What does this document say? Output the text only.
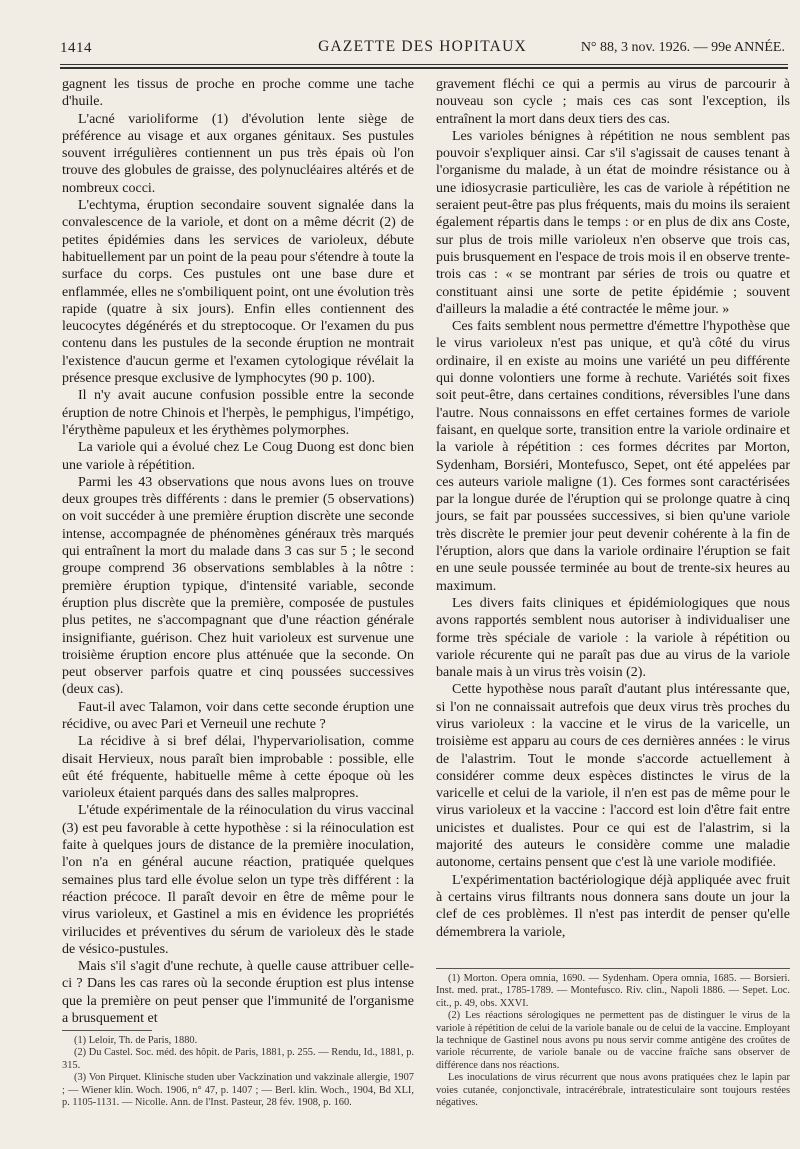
1414	GAZETTE DES HOPITAUX	N° 88, 3 nov. 1926. — 99e ANNÉE.

gagnent les tissus de proche en proche comme une tache d'huile.

L'acné varioliforme (1) d'évolution lente siège de préférence au visage et aux organes génitaux. Ses pustules souvent irrégulières contiennent un pus très épais où l'on trouve des globules de graisse, des polynucléaires altérés et de nombreux cocci.

L'echtyma, éruption secondaire souvent signalée dans la convalescence de la variole, et dont on a même décrit (2) de petites épidémies dans les services de varioleux, débute habituellement par un point de la peau pour s'étendre à toute la surface du corps. Ces pustules ont une base dure et enflammée, elles ne s'ombiliquent point, ont une évolution très rapide (quatre à six jours). Enfin elles contiennent des leucocytes dégénérés et du streptocoque. Or l'examen du pus contenu dans les pustules de la seconde éruption ne montrait l'existence d'aucun germe et l'examen cytologique révélait la présence presque exclusive de lymphocytes (90 p. 100).

Il n'y avait aucune confusion possible entre la seconde éruption de notre Chinois et l'herpès, le pemphigus, l'impétigo, l'érythème papuleux et les érythèmes polymorphes.

La variole qui a évolué chez Le Coug Duong est donc bien une variole à répétition.

Parmi les 43 observations que nous avons lues on trouve deux groupes très différents : dans le premier (5 observations) on voit succéder à une première éruption discrète une seconde intense, accompagnée de phénomènes généraux très marqués qui entraînent la mort du malade dans 3 cas sur 5 ; le second groupe comprend 36 observations semblables à la nôtre : première éruption typique, d'intensité variable, seconde éruption plus discrète que la première, composée de pustules plus petites, ne s'accompagnant que d'une réaction générale insignifiante, guérison. Chez huit varioleux est survenue une troisième éruption encore plus atténuée que la seconde. On peut observer parfois quatre et cinq poussées successives (deux cas).

Faut-il avec Talamon, voir dans cette seconde éruption une récidive, ou avec Pari et Verneuil une rechute ?

La récidive à si bref délai, l'hypervariolisation, comme disait Hervieux, nous paraît bien improbable : possible, elle eût été fréquente, habituelle même à cette époque où les varioleux étaient parqués dans des salles malpropres.

L'étude expérimentale de la réinoculation du virus vaccinal (3) est peu favorable à cette hypothèse : si la réinoculation est faite à quelques jours de distance de la première inoculation, l'on n'a en général aucune réaction, pratiquée quelques semaines plus tard elle évolue selon un type très différent : la réaction précoce. Il paraît devoir en être de même pour le virus varioleux, et Gastinel a mis en évidence les propriétés virilucides et préventives du sérum de varioleux dès le stade de vésico-pustules.

Mais s'il s'agit d'une rechute, à quelle cause attribuer celle-ci ? Dans les cas rares où la seconde éruption est plus intense que la première on peut penser que l'immunité de l'organisme a brusquement et

(1) Leloir, Th. de Paris, 1880.

(2) Du Castel. Soc. méd. des hôpit. de Paris, 1881, p. 255. — Rendu, Id., 1881, p. 315.

(3) Von Pirquet. Klinische studen uber Vackzination und vakzinale allergie, 1907 ; — Wiener klin. Woch. 1906, n° 47, p. 1407 ; — Berl. klin. Woch., 1904, Bd XLI, p. 1105-1131. — Nicolle. Ann. de l'Inst. Pasteur, 28 fév. 1908, p. 160.

gravement fléchi ce qui a permis au virus de parcourir à nouveau son cycle ; mais ces cas sont l'exception, ils entraînent la mort dans deux tiers des cas.

Les varioles bénignes à répétition ne nous semblent pas pouvoir s'expliquer ainsi. Car s'il s'agissait de causes tenant à l'organisme du malade, à un état de moindre résistance ou à une idiosycrasie particulière, les cas de variole à répétition ne seraient peut-être pas plus fréquents, mais du moins ils seraient également répartis dans le temps : or en plus de dix ans Coste, sur plus de trois mille varioleux n'en observe que trois cas, puis brusquement en l'espace de trois mois il en observe trente-trois cas : « se montrant par séries de trois ou quatre et constituant ainsi une sorte de petite épidémie ; souvent d'ailleurs la maladie a été contractée le même jour. »

Ces faits semblent nous permettre d'émettre l'hypothèse que le virus varioleux n'est pas unique, et qu'à côté du virus ordinaire, il en existe au moins une variété un peu différente qui donne volontiers une forme à rechute. Variétés soit fixes soit peut-être, dans certaines conditions, réversibles l'une dans l'autre. Nous connaissons en effet certaines formes de variole faisant, en quelque sorte, transition entre la variole ordinaire et la variole à répétition : ces formes décrites par Morton, Sydenham, Borsiéri, Montefusco, Sepet, ont été appelées par ces auteurs variole maligne (1). Ces formes sont caractérisées par la longue durée de l'éruption qui se prolonge quatre à cinq jours, se fait par poussées successives, si bien qu'une variole très discrète le premier jour peut devenir cohérente à la fin de l'éruption, alors que dans la variole ordinaire l'éruption se fait en une seule poussée terminée au bout de trente-six heures au maximum.

Les divers faits cliniques et épidémiologiques que nous avons rapportés semblent nous autoriser à individualiser une forme très spéciale de variole : la variole à répétition ou variole récurente qui ne paraît pas due au virus de la variole banale mais à un virus très voisin (2).

Cette hypothèse nous paraît d'autant plus intéressante que, si l'on ne connaissait autrefois que deux virus très proches du virus varioleux : la vaccine et le virus de la varicelle, un troisième est apparu au cours de ces dernières années : le virus de l'alastrim. Tout le monde s'accorde actuellement à considérer comme deux espèces distinctes le virus de la varicelle et celui de la variole, il n'en est pas de même pour le virus varioleux et la vaccine : l'accord est loin d'être fait entre unicistes et dualistes. Pour ce qui est de l'alastrim, si la majorité des auteurs le considère comme une maladie autonome, certains pensent que c'est là une variole modifiée.

L'expérimentation bactériologique déjà appliquée avec fruit à certains virus filtrants nous donnera sans doute un jour la clef de ces problèmes. Il n'est pas interdit de penser qu'elle démembrera la variole,

(1) Morton. Opera omnia, 1690. — Sydenham. Opera omnia, 1685. — Borsieri. Inst. med. prat., 1785-1789. — Montefusco. Riv. clin., Napoli 1886. — Sepet. Loc. cit., p. 49, obs. XXVI.

(2) Les réactions sérologiques ne permettent pas de distinguer le virus de la variole à répétition de celui de la variole banale ou de celui de la vaccine. Employant la technique de Gastinel nous avons pu nous servir comme antigène des croûtes de variole récurrente, de variole banale ou de vaccine fraîche sans observer de différence dans nos réactions.

Les inoculations de virus récurrent que nous avons pratiquées chez le lapin par voies cutanée, conjonctivale, intracérébrale, intratesticulaire sont toujours restées négatives.
